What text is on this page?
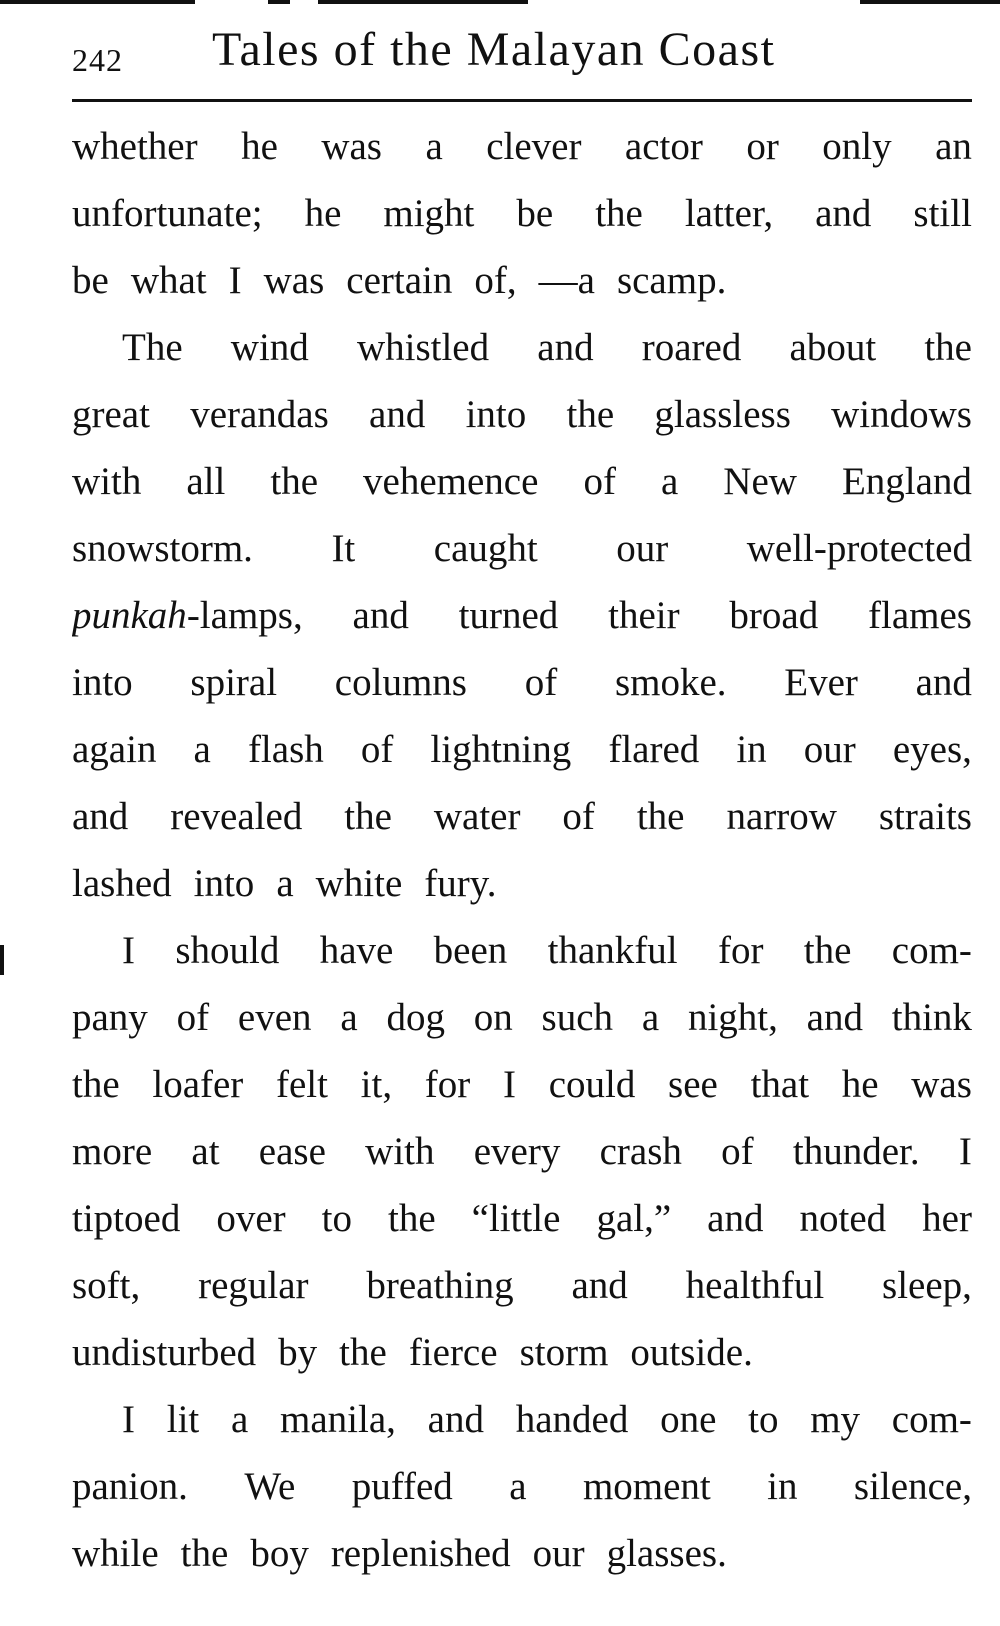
242 Tales of the Malayan Coast
whether he was a clever actor or only an
unfortunate; he might be the latter, and still
be what I was certain of, —a scamp.
The wind whistled and roared about the
great verandas and into the glassless windows
with all the vehemence of a New England
snowstorm. It caught our well-protected
punkah-lamps, and turned their broad flames
into spiral columns of smoke. Ever and
again a flash of lightning flared in our eyes,
and revealed the water of the narrow straits
lashed into a white fury.
I should have been thankful for the com-
pany of even a dog on such a night, and think
the loafer felt it, for I could see that he was
more at ease with every crash of thunder. I
tiptoed over to the “little gal,” and noted her
soft, regular breathing and healthful sleep,
undisturbed by the fierce storm outside.
I lit a manila, and handed one to my com-
panion. We puffed a moment in silence,
while the boy replenished our glasses.
